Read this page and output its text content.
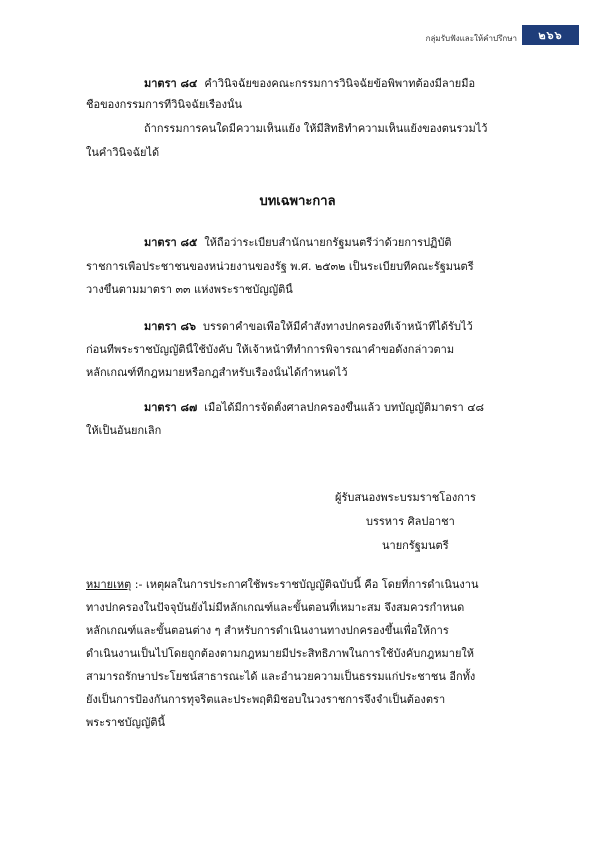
กลุ่มรับฟังและให้คำปรึกษา	๒๖๖
มาตรา ๘๔ คำวินิจฉัยของคณะกรรมการวินิจฉัยข้อพิพาทต้องมีลายมือ
ชื่อของกรรมการที่วินิจฉัยเรื่องนั้น
ถ้ากรรมการคนใดมีความเห็นแย้ง ให้มีสิทธิทำความเห็นแย้งของตนรวมไว้
ในคำวินิจฉัยได้
บทเฉพาะกาล
มาตรา ๘๕ ให้ถือว่าระเบียบสำนักนายกรัฐมนตรีว่าด้วยการปฏิบัติ
ราชการเพื่อประชาชนของหน่วยงานของรัฐ พ.ศ. ๒๕๓๒ เป็นระเบียบที่คณะรัฐมนตรี
วางขึ้นตามมาตรา ๓๓ แห่งพระราชบัญญัตินี้
มาตรา ๘๖ บรรดาคำขอเพื่อให้มีคำสั่งทางปกครองที่เจ้าหน้าที่ได้รับไว้
ก่อนที่พระราชบัญญัตินี้ใช้บังคับ ให้เจ้าหน้าที่ทำการพิจารณาคำขอดังกล่าวตาม
หลักเกณฑ์ที่กฎหมายหรือกฎสำหรับเรื่องนั้นได้กำหนดไว้
มาตรา ๘๗ เมื่อได้มีการจัดตั้งศาลปกครองขึ้นแล้ว บทบัญญัติมาตรา ๔๘
ให้เป็นอันยกเลิก
ผู้รับสนองพระบรมราชโองการ
บรรหาร ศิลปอาชา
นายกรัฐมนตรี
หมายเหตุ :- เหตุผลในการประกาศใช้พระราชบัญญัติฉบับนี้ คือ โดยที่การดำเนินงาน
ทางปกครองในปัจจุบันยังไม่มีหลักเกณฑ์และขั้นตอนที่เหมาะสม จึงสมควรกำหนด
หลักเกณฑ์และขั้นตอนต่าง ๆ สำหรับการดำเนินงานทางปกครองขึ้นเพื่อให้การ
ดำเนินงานเป็นไปโดยถูกต้องตามกฎหมายมีประสิทธิภาพในการใช้บังคับกฎหมายให้
สามารถรักษาประโยชน์สาธารณะได้ และอำนวยความเป็นธรรมแก่ประชาชน อีกทั้ง
ยังเป็นการป้องกันการทุจริตและประพฤติมิชอบในวงราชการจึงจำเป็นต้องตรา
พระราชบัญญัตินี้
